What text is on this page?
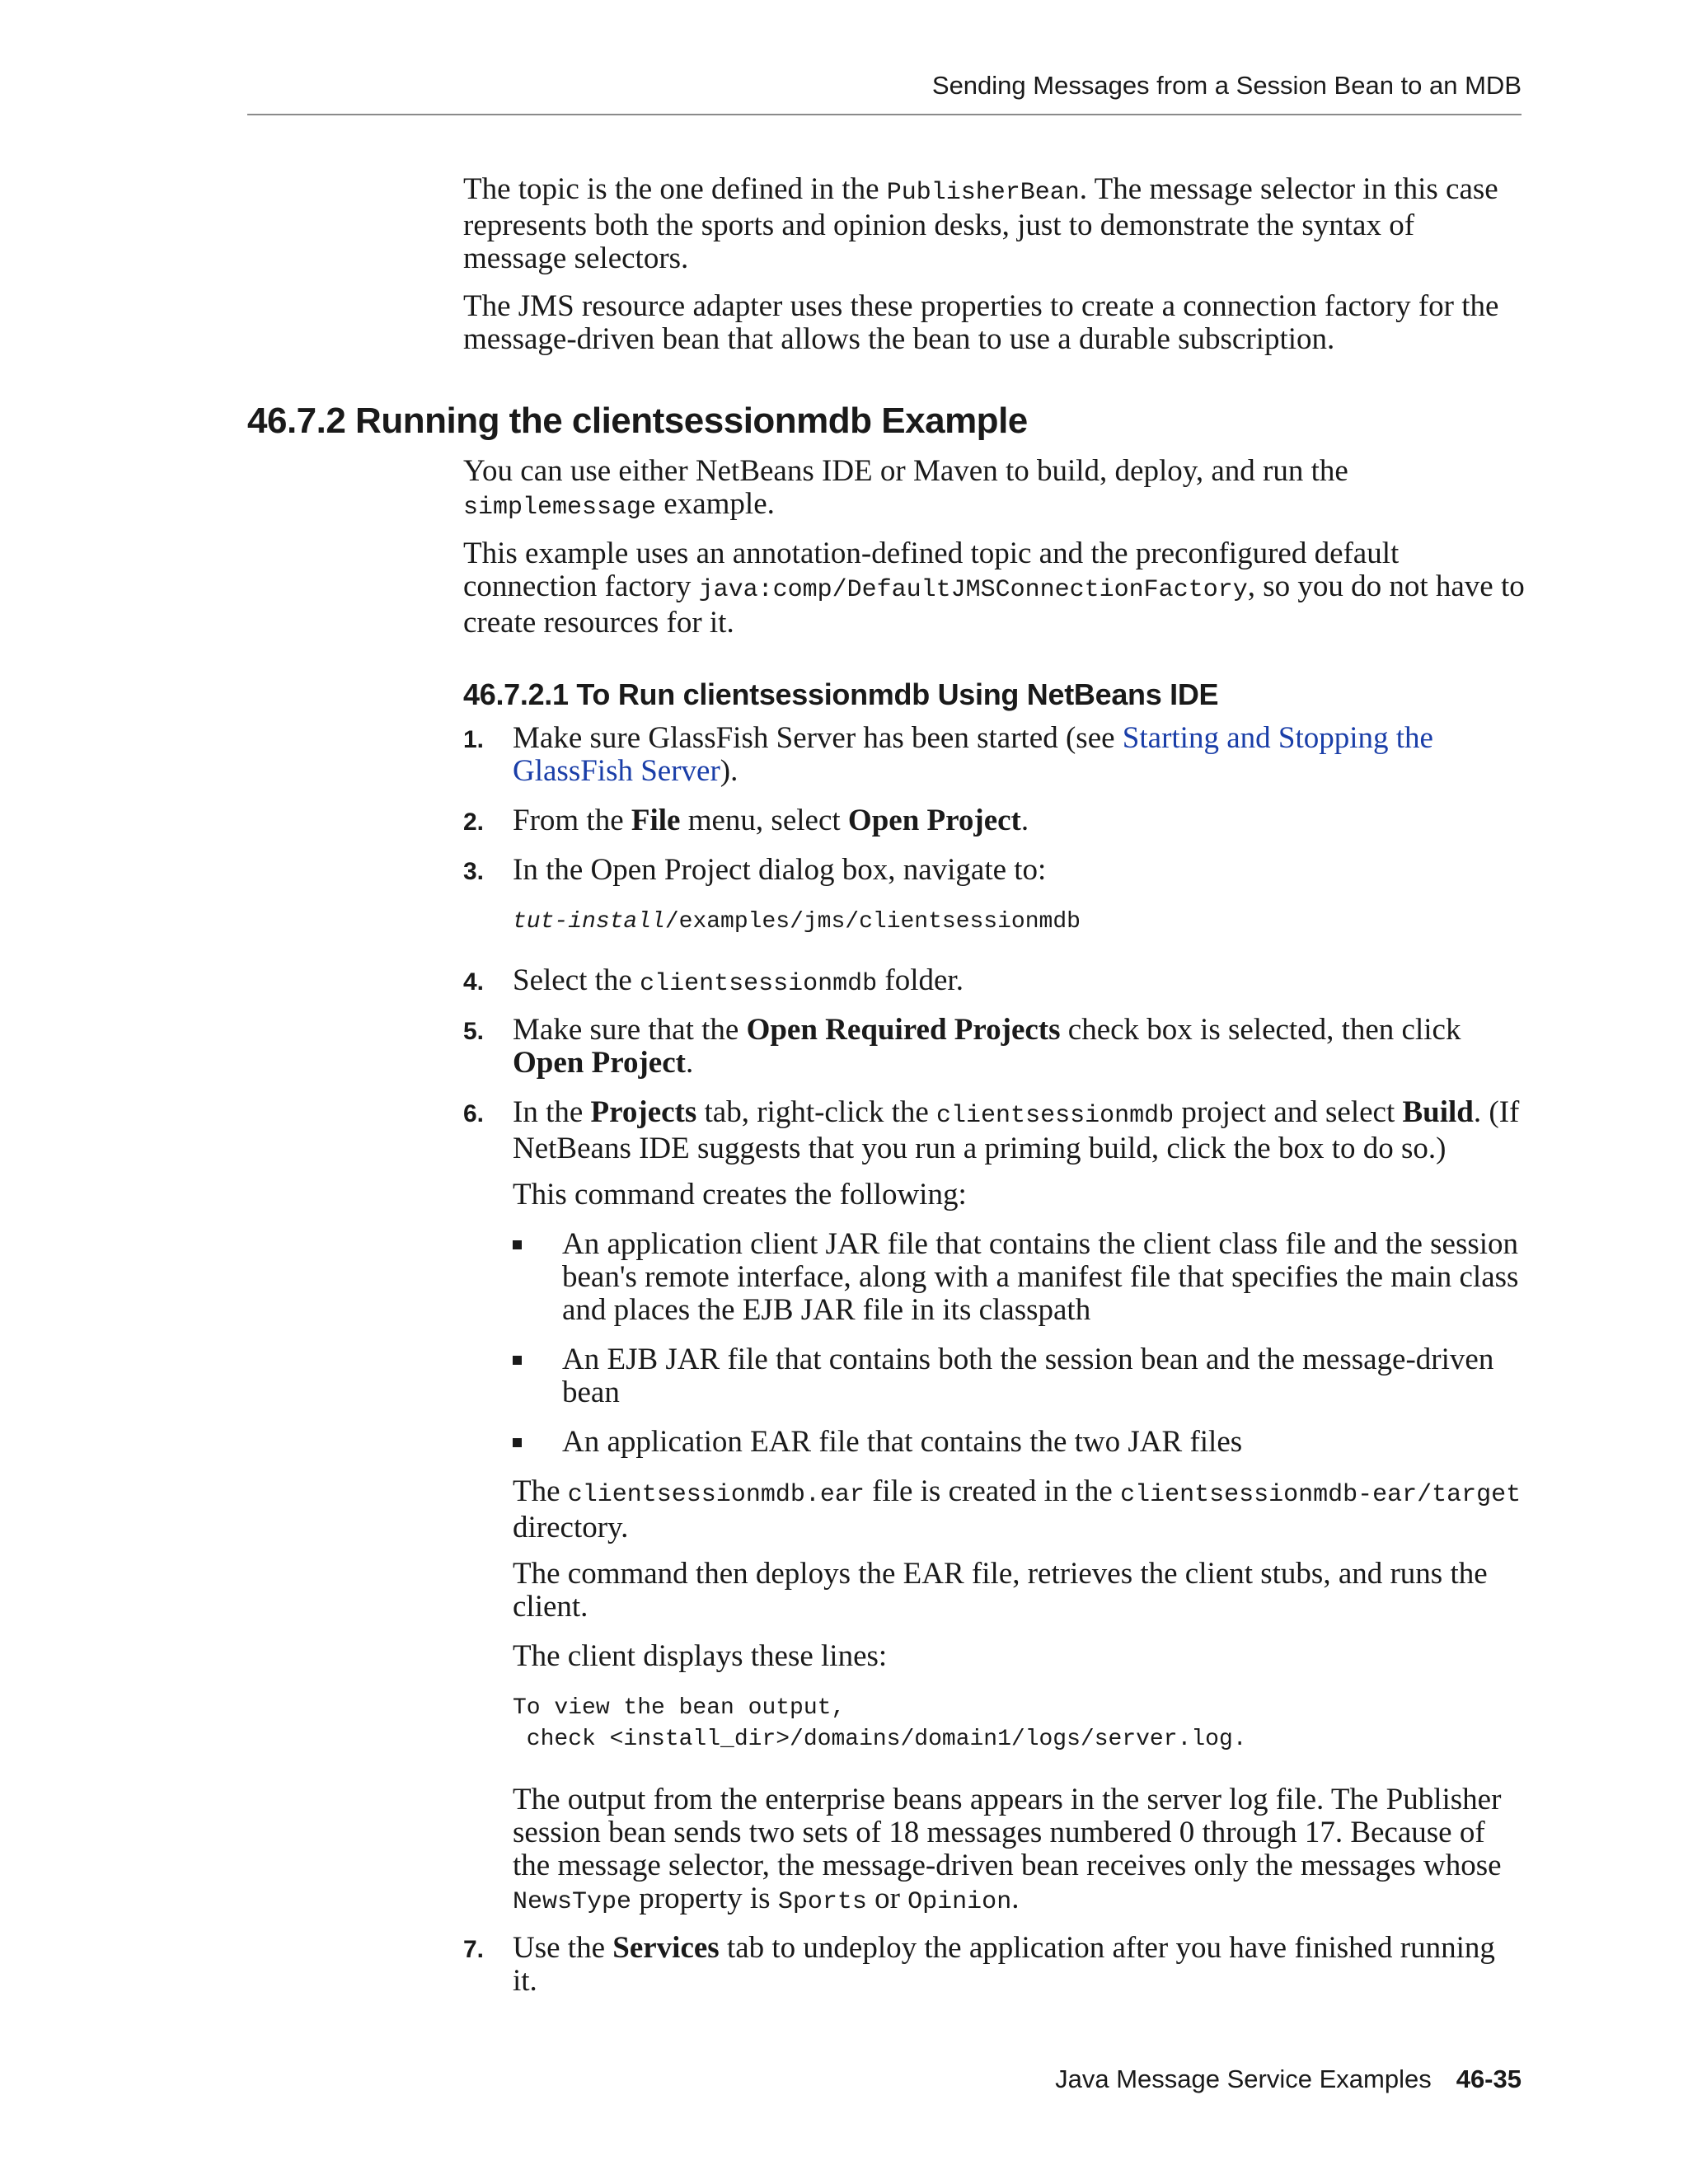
Sending Messages from a Session Bean to an MDB

The topic is the one defined in the PublisherBean. The message selector in this case represents both the sports and opinion desks, just to demonstrate the syntax of message selectors.

The JMS resource adapter uses these properties to create a connection factory for the message-driven bean that allows the bean to use a durable subscription.

46.7.2 Running the clientsessionmdb Example

You can use either NetBeans IDE or Maven to build, deploy, and run the simplemessage example.

This example uses an annotation-defined topic and the preconfigured default connection factory java:comp/DefaultJMSConnectionFactory, so you do not have to create resources for it.

46.7.2.1 To Run clientsessionmdb Using NetBeans IDE
1. Make sure GlassFish Server has been started (see Starting and Stopping the GlassFish Server).
2. From the File menu, select Open Project.
3. In the Open Project dialog box, navigate to:
tut-install/examples/jms/clientsessionmdb
4. Select the clientsessionmdb folder.
5. Make sure that the Open Required Projects check box is selected, then click Open Project.
6. In the Projects tab, right-click the clientsessionmdb project and select Build. (If NetBeans IDE suggests that you run a priming build, click the box to do so.)
This command creates the following:
An application client JAR file that contains the client class file and the session bean's remote interface, along with a manifest file that specifies the main class and places the EJB JAR file in its classpath
An EJB JAR file that contains both the session bean and the message-driven bean
An application EAR file that contains the two JAR files
The clientsessionmdb.ear file is created in the clientsessionmdb-ear/target directory.
The command then deploys the EAR file, retrieves the client stubs, and runs the client.
The client displays these lines:
To view the bean output,
check <install_dir>/domains/domain1/logs/server.log.
The output from the enterprise beans appears in the server log file. The Publisher session bean sends two sets of 18 messages numbered 0 through 17. Because of the message selector, the message-driven bean receives only the messages whose NewsType property is Sports or Opinion.
7. Use the Services tab to undeploy the application after you have finished running it.
Java Message Service Examples 46-35
